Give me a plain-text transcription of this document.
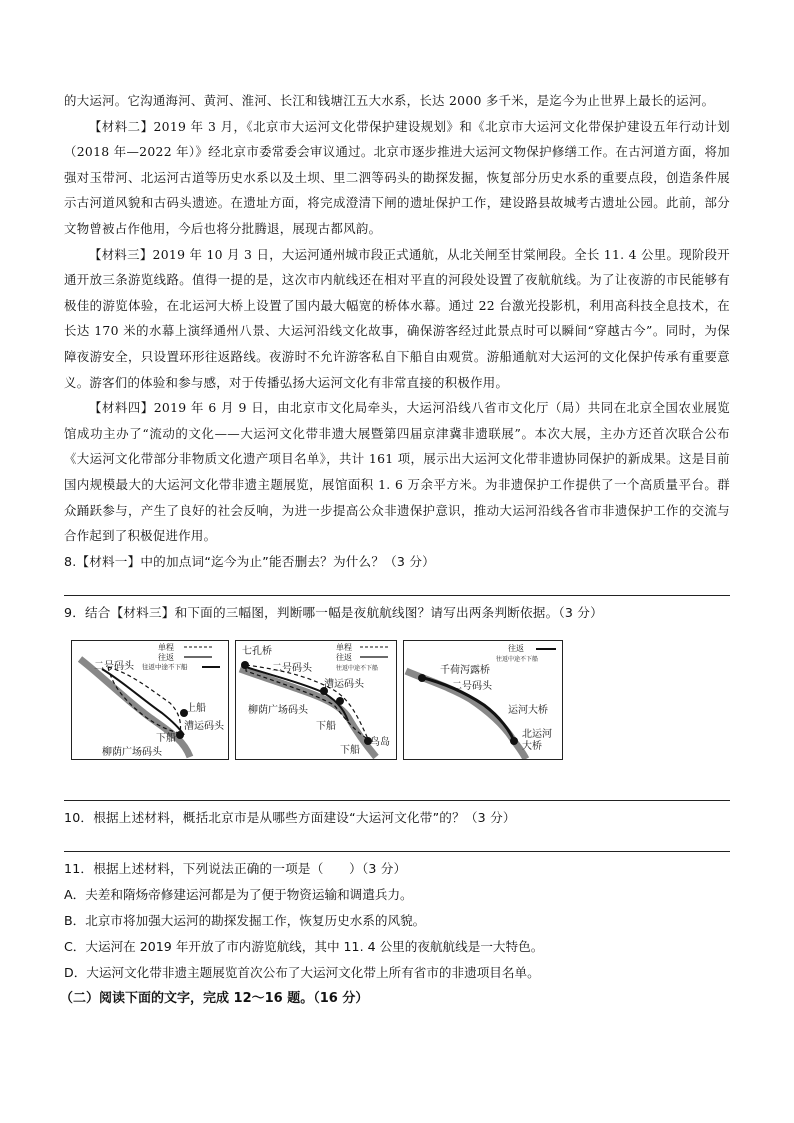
的大运河。它沟通海河、黄河、淮河、长江和钱塘江五大水系，长达 2000 多千米，是迄今为止世界上最长的运河。

【材料二】2019 年 3 月，《北京市大运河文化带保护建设规划》和《北京市大运河文化带保护建设五年行动计划（2018 年—2022 年）》经北京市委常委会审议通过。北京市逐步推进大运河文物保护修缮工作。在古河道方面，将加强对玉带河、北运河古道等历史水系以及土坝、里二泗等码头的勘探发掘，恢复部分历史水系的重要点段，创造条件展示古河道风貌和古码头遗迹。在遗址方面，将完成澄清下闸的遗址保护工作，建设路县故城考古遗址公园。此前，部分文物曾被占作他用，今后也将分批腾退，展现古都风韵。

【材料三】2019 年 10 月 3 日，大运河通州城市段正式通航，从北关闸至甘棠闸段。全长 11. 4 公里。现阶段开通开放三条游览线路。值得一提的是，这次市内航线还在相对平直的河段处设置了夜航航线。为了让夜游的市民能够有极佳的游览体验，在北运河大桥上设置了国内最大幅宽的桥体水幕。通过 22 台激光投影机，利用高科技全息技术，在长达 170 米的水幕上演绎通州八景、大运河沿线文化故事，确保游客经过此景点时可以瞬间“穿越古今”。同时，为保障夜游安全，只设置环形往返路线。夜游时不允许游客私自下船自由观赏。游船通航对大运河的文化保护传承有重要意义。游客们的体验和参与感，对于传播弘扬大运河文化有非常直接的积极作用。

【材料四】2019 年 6 月 9 日，由北京市文化局牵头，大运河沿线八省市文化厅（局）共同在北京全国农业展览馆成功主办了“流动的文化——大运河文化带非遗大展暨第四届京津冀非遗联展”。本次大展，主办方还首次联合公布《大运河文化带部分非物质文化遗产项目名单》，共计 161 项，展示出大运河文化带非遗协同保护的新成果。这是目前国内规模最大的大运河文化带非遗主题展览，展馆面积 1. 6 万余平方米。为非遗保护工作提供了一个高质量平台。群众踊跃参与，产生了良好的社会反响，为进一步提高公众非遗保护意识，推动大运河沿线各省市非遗保护工作的交流与合作起到了积极促进作用。

8.【材料一】中的加点词“迄今为止”能否删去？为什么？（3 分）
9．结合【材料三】和下面的三幅图，判断哪一幅是夜航航线图？请写出两条判断依据。（3 分）
单程
往返
往返中途不下船
二号码头
上船
下船
漕运码头
柳荫广场码头
单程
往返
往返中途不下船
七孔桥
二号码头
漕运码头
柳荫广场码头
下船
下船
鸟岛
往返
往返中途不下船
千荷泻露桥
二号码头
运河大桥
北运河
大桥
10．根据上述材料，概括北京市是从哪些方面建设“大运河文化带”的？（3 分）
11．根据上述材料，下列说法正确的一项是（　　）（3 分）
A．夫差和隋炀帝修建运河都是为了便于物资运输和调遣兵力。
B．北京市将加强大运河的勘探发掘工作，恢复历史水系的风貌。
C．大运河在 2019 年开放了市内游览航线，其中 11. 4 公里的夜航航线是一大特色。
D．大运河文化带非遗主题展览首次公布了大运河文化带上所有省市的非遗项目名单。
（二）阅读下面的文字，完成 12～16 题。（16 分）
